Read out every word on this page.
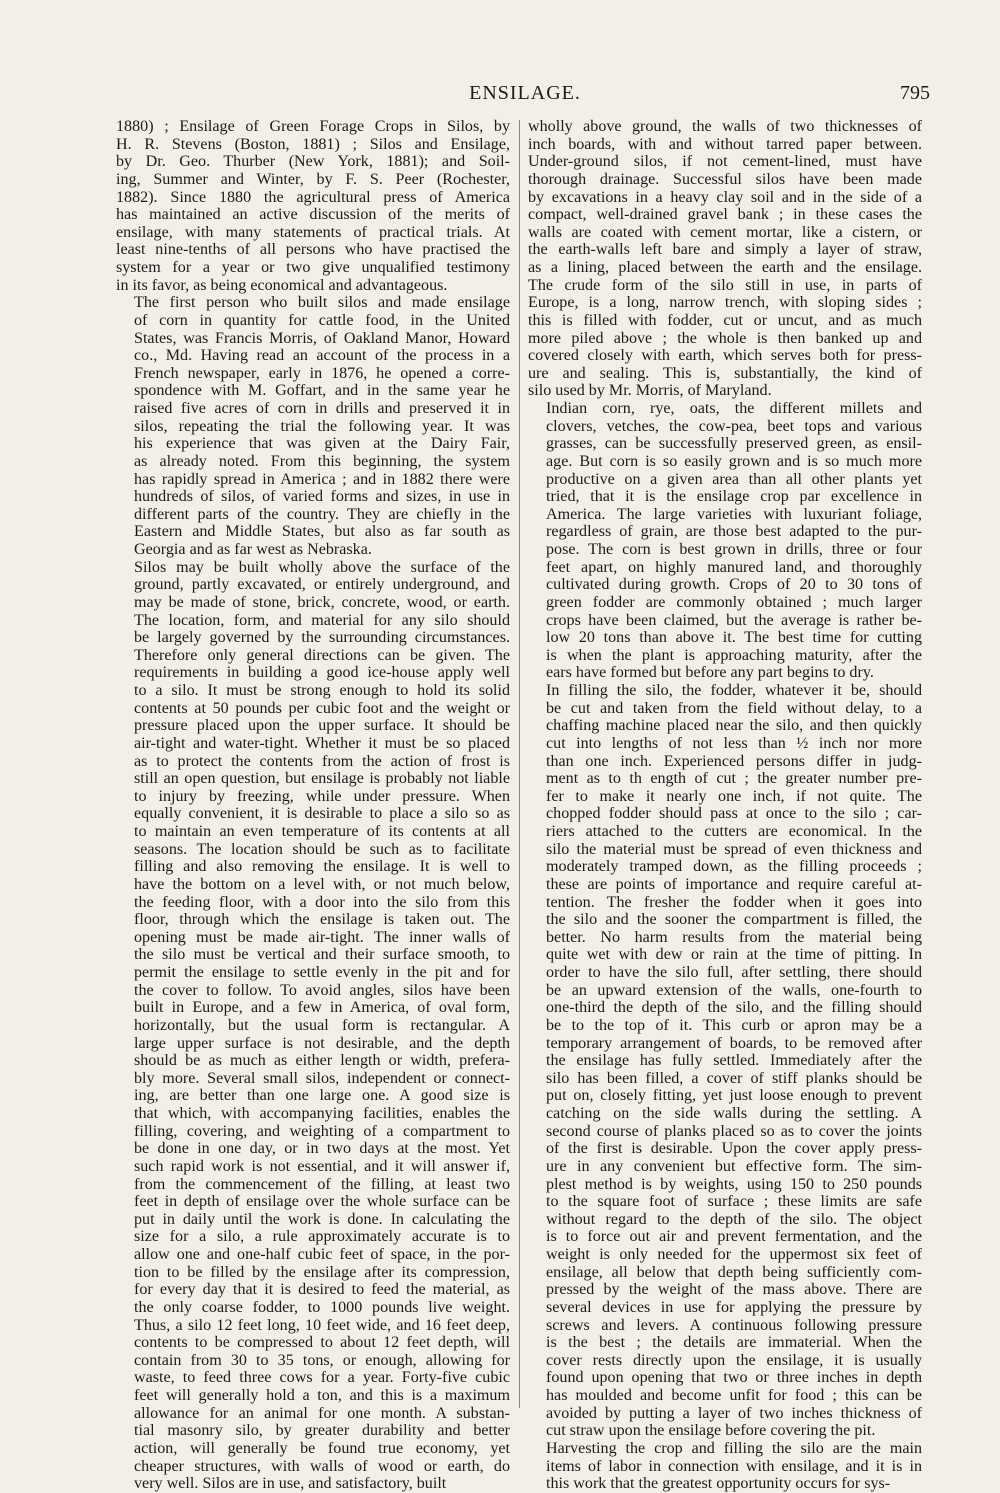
ENSILAGE.	795

1880) ; Ensilage of Green Forage Crops in Silos, by
H. R. Stevens (Boston, 1881) ; Silos and Ensilage,
by Dr. Geo. Thurber (New York, 1881); and Soil-
ing, Summer and Winter, by F. S. Peer (Rochester,
1882). Since 1880 the agricultural press of America
has maintained an active discussion of the merits of
ensilage, with many statements of practical trials. At
least nine-tenths of all persons who have practised the
system for a year or two give unqualified testimony
in its favor, as being economical and advantageous.

The first person who built silos and made ensilage
of corn in quantity for cattle food, in the United
States, was Francis Morris, of Oakland Manor, Howard
co., Md. Having read an account of the process in a
French newspaper, early in 1876, he opened a corre-
spondence with M. Goffart, and in the same year he
raised five acres of corn in drills and preserved it in
silos, repeating the trial the following year. It was
his experience that was given at the Dairy Fair,
as already noted. From this beginning, the system
has rapidly spread in America ; and in 1882 there were
hundreds of silos, of varied forms and sizes, in use in
different parts of the country. They are chiefly in the
Eastern and Middle States, but also as far south as
Georgia and as far west as Nebraska.

Silos may be built wholly above the surface of the
ground, partly excavated, or entirely underground, and
may be made of stone, brick, concrete, wood, or earth.
The location, form, and material for any silo should
be largely governed by the surrounding circumstances.
Therefore only general directions can be given. The
requirements in building a good ice-house apply well
to a silo. It must be strong enough to hold its solid
contents at 50 pounds per cubic foot and the weight or
pressure placed upon the upper surface. It should be
air-tight and water-tight. Whether it must be so placed
as to protect the contents from the action of frost is
still an open question, but ensilage is probably not liable
to injury by freezing, while under pressure. When
equally convenient, it is desirable to place a silo so as
to maintain an even temperature of its contents at all
seasons. The location should be such as to facilitate
filling and also removing the ensilage. It is well to
have the bottom on a level with, or not much below,
the feeding floor, with a door into the silo from this
floor, through which the ensilage is taken out. The
opening must be made air-tight. The inner walls of
the silo must be vertical and their surface smooth, to
permit the ensilage to settle evenly in the pit and for
the cover to follow. To avoid angles, silos have been
built in Europe, and a few in America, of oval form,
horizontally, but the usual form is rectangular. A
large upper surface is not desirable, and the depth
should be as much as either length or width, prefera-
bly more. Several small silos, independent or connect-
ing, are better than one large one. A good size is
that which, with accompanying facilities, enables the
filling, covering, and weighting of a compartment to
be done in one day, or in two days at the most. Yet
such rapid work is not essential, and it will answer if,
from the commencement of the filling, at least two
feet in depth of ensilage over the whole surface can be
put in daily until the work is done. In calculating the
size for a silo, a rule approximately accurate is to
allow one and one-half cubic feet of space, in the por-
tion to be filled by the ensilage after its compression,
for every day that it is desired to feed the material, as
the only coarse fodder, to 1000 pounds live weight.
Thus, a silo 12 feet long, 10 feet wide, and 16 feet deep,
contents to be compressed to about 12 feet depth, will
contain from 30 to 35 tons, or enough, allowing for
waste, to feed three cows for a year. Forty-five cubic
feet will generally hold a ton, and this is a maximum
allowance for an animal for one month. A substan-
tial masonry silo, by greater durability and better
action, will generally be found true economy, yet
cheaper structures, with walls of wood or earth, do
very well. Silos are in use, and satisfactory, built

wholly above ground, the walls of two thicknesses of
inch boards, with and without tarred paper between.
Under-ground silos, if not cement-lined, must have
thorough drainage. Successful silos have been made
by excavations in a heavy clay soil and in the side of a
compact, well-drained gravel bank ; in these cases the
walls are coated with cement mortar, like a cistern, or
the earth-walls left bare and simply a layer of straw,
as a lining, placed between the earth and the ensilage.
The crude form of the silo still in use, in parts of
Europe, is a long, narrow trench, with sloping sides ;
this is filled with fodder, cut or uncut, and as much
more piled above ; the whole is then banked up and
covered closely with earth, which serves both for press-
ure and sealing. This is, substantially, the kind of
silo used by Mr. Morris, of Maryland.

Indian corn, rye, oats, the different millets and
clovers, vetches, the cow-pea, beet tops and various
grasses, can be successfully preserved green, as ensil-
age. But corn is so easily grown and is so much more
productive on a given area than all other plants yet
tried, that it is the ensilage crop par excellence in
America. The large varieties with luxuriant foliage,
regardless of grain, are those best adapted to the pur-
pose. The corn is best grown in drills, three or four
feet apart, on highly manured land, and thoroughly
cultivated during growth. Crops of 20 to 30 tons of
green fodder are commonly obtained ; much larger
crops have been claimed, but the average is rather be-
low 20 tons than above it. The best time for cutting
is when the plant is approaching maturity, after the
ears have formed but before any part begins to dry.

In filling the silo, the fodder, whatever it be, should
be cut and taken from the field without delay, to a
chaffing machine placed near the silo, and then quickly
cut into lengths of not less than ½ inch nor more
than one inch. Experienced persons differ in judg-
ment as to th ength of cut ; the greater number pre-
fer to make it nearly one inch, if not quite. The
chopped fodder should pass at once to the silo ; car-
riers attached to the cutters are economical. In the
silo the material must be spread of even thickness and
moderately tramped down, as the filling proceeds ;
these are points of importance and require careful at-
tention. The fresher the fodder when it goes into
the silo and the sooner the compartment is filled, the
better. No harm results from the material being
quite wet with dew or rain at the time of pitting. In
order to have the silo full, after settling, there should
be an upward extension of the walls, one-fourth to
one-third the depth of the silo, and the filling should
be to the top of it. This curb or apron may be a
temporary arrangement of boards, to be removed after
the ensilage has fully settled. Immediately after the
silo has been filled, a cover of stiff planks should be
put on, closely fitting, yet just loose enough to prevent
catching on the side walls during the settling. A
second course of planks placed so as to cover the joints
of the first is desirable. Upon the cover apply press-
ure in any convenient but effective form. The sim-
plest method is by weights, using 150 to 250 pounds
to the square foot of surface ; these limits are safe
without regard to the depth of the silo. The object
is to force out air and prevent fermentation, and the
weight is only needed for the uppermost six feet of
ensilage, all below that depth being sufficiently com-
pressed by the weight of the mass above. There are
several devices in use for applying the pressure by
screws and levers. A continuous following pressure
is the best ; the details are immaterial. When the
cover rests directly upon the ensilage, it is usually
found upon opening that two or three inches in depth
has moulded and become unfit for food ; this can be
avoided by putting a layer of two inches thickness of
cut straw upon the ensilage before covering the pit.

Harvesting the crop and filling the silo are the main
items of labor in connection with ensilage, and it is in
this work that the greatest opportunity occurs for sys-
